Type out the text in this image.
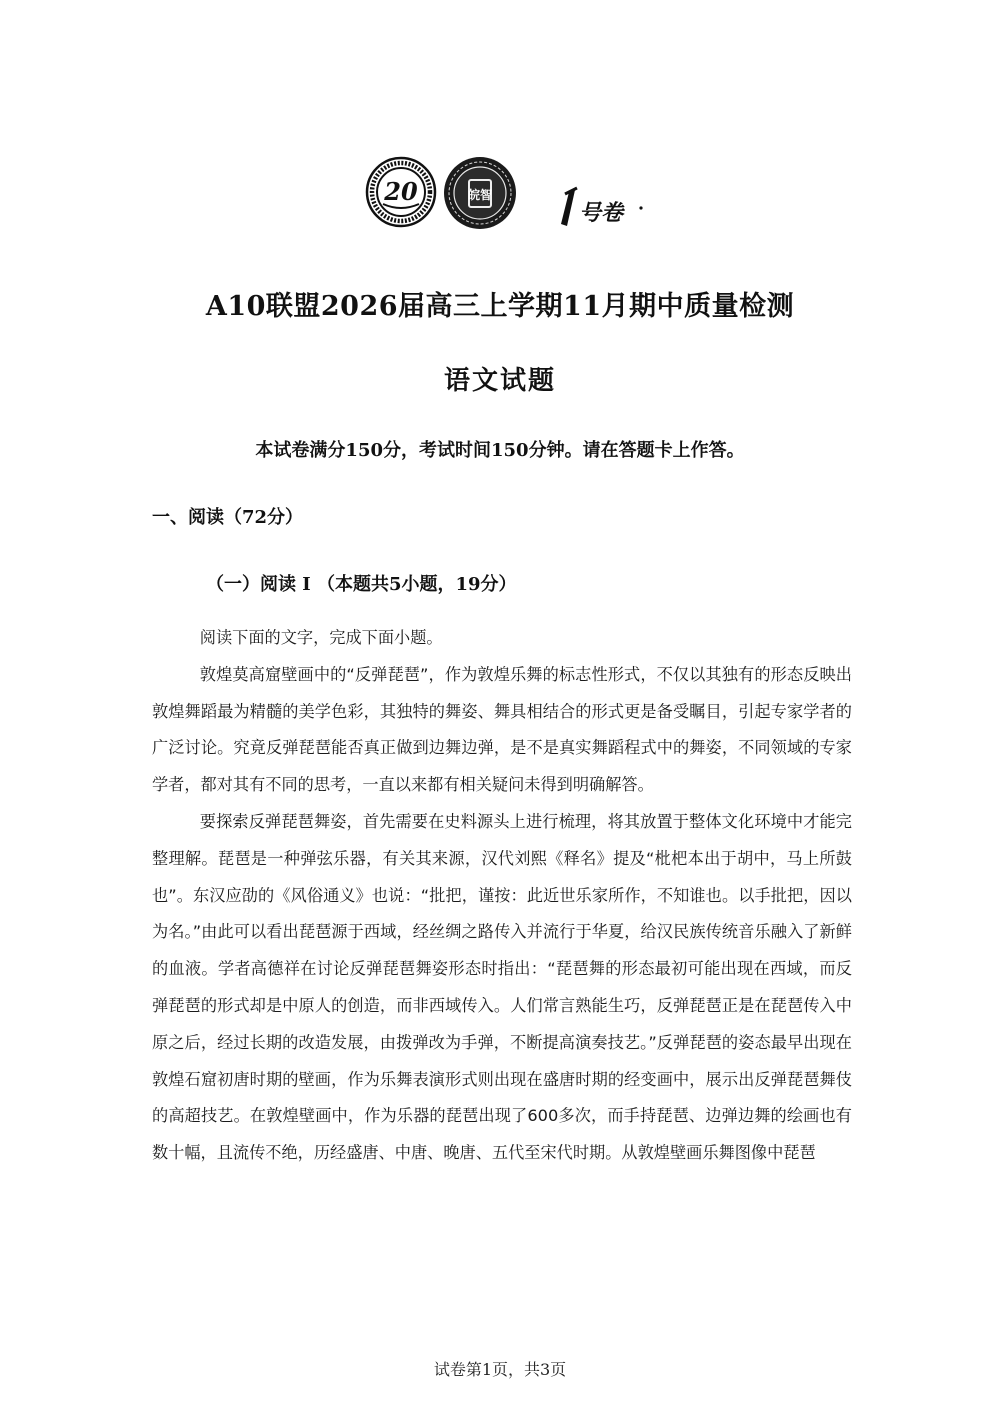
20	皖智
号卷
A10联盟2026届高三上学期11月期中质量检测
语文试题
本试卷满分150分，考试时间150分钟。请在答题卡上作答。
一、阅读（72分）
（一）阅读 I （本题共5小题，19分）

阅读下面的文字，完成下面小题。

敦煌莫高窟壁画中的“反弹琵琶”，作为敦煌乐舞的标志性形式，不仅以其独有的形态反映出敦煌舞蹈最为精髓的美学色彩，其独特的舞姿、舞具相结合的形式更是备受瞩目，引起专家学者的广泛讨论。究竟反弹琵琶能否真正做到边舞边弹，是不是真实舞蹈程式中的舞姿，不同领域的专家学者，都对其有不同的思考，一直以来都有相关疑问未得到明确解答。

要探索反弹琵琶舞姿，首先需要在史料源头上进行梳理，将其放置于整体文化环境中才能完整理解。琵琶是一种弹弦乐器，有关其来源，汉代刘熙《释名》提及“枇杷本出于胡中，马上所鼓也”。东汉应劭的《风俗通义》也说：“批把，谨按：此近世乐家所作，不知谁也。以手批把，因以为名。”由此可以看出琵琶源于西域，经丝绸之路传入并流行于华夏，给汉民族传统音乐融入了新鲜的血液。学者高德祥在讨论反弹琵琶舞姿形态时指出：“琵琶舞的形态最初可能出现在西域，而反弹琵琶的形式却是中原人的创造，而非西域传入。人们常言熟能生巧，反弹琵琶正是在琵琶传入中原之后，经过长期的改造发展，由拨弹改为手弹，不断提高演奏技艺。”反弹琵琶的姿态最早出现在敦煌石窟初唐时期的壁画，作为乐舞表演形式则出现在盛唐时期的经变画中，展示出反弹琵琶舞伎的高超技艺。在敦煌壁画中，作为乐器的琵琶出现了600多次，而手持琵琶、边弹边舞的绘画也有数十幅，且流传不绝，历经盛唐、中唐、晚唐、五代至宋代时期。从敦煌壁画乐舞图像中琵琶

试卷第1页，共3页
